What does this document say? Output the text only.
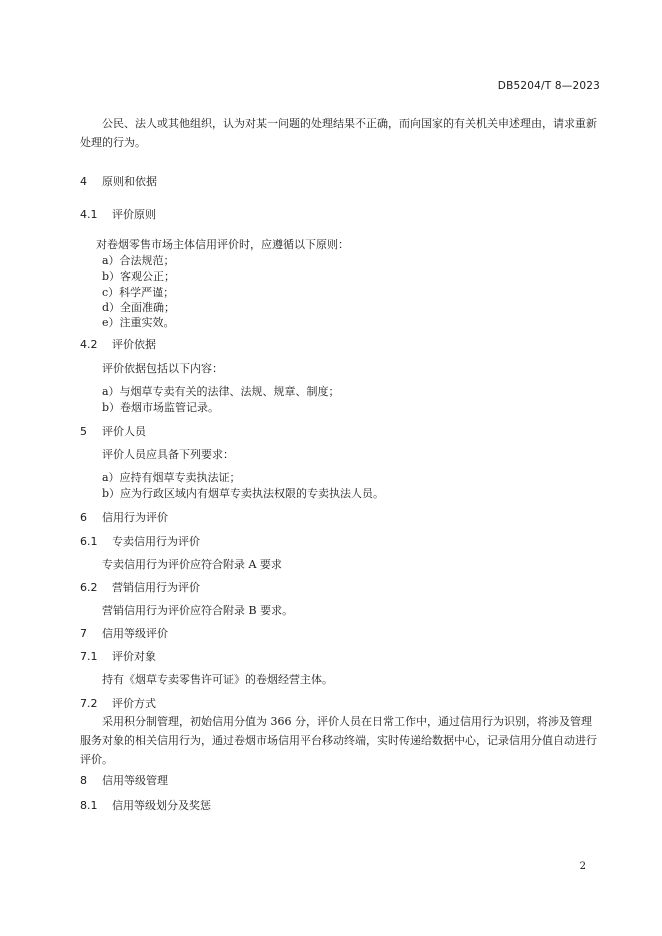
DB5204/T 8—2023

公民、法人或其他组织，认为对某一问题的处理结果不正确，而向国家的有关机关申述理由，请求重新处理的行为。

4 原则和依据
4.1 评价原则
对卷烟零售市场主体信用评价时，应遵循以下原则：
a）合法规范；
b）客观公正；
c）科学严谨；
d）全面准确；
e）注重实效。
4.2 评价依据
评价依据包括以下内容：
a）与烟草专卖有关的法律、法规、规章、制度；
b）卷烟市场监管记录。
5 评价人员
评价人员应具备下列要求：
a）应持有烟草专卖执法证；
b）应为行政区域内有烟草专卖执法权限的专卖执法人员。
6 信用行为评价
6.1 专卖信用行为评价
专卖信用行为评价应符合附录 A 要求
6.2 营销信用行为评价
营销信用行为评价应符合附录 B 要求。
7 信用等级评价
7.1 评价对象
持有《烟草专卖零售许可证》的卷烟经营主体。
7.2 评价方式

采用积分制管理，初始信用分值为 366 分，评价人员在日常工作中，通过信用行为识别，将涉及管理服务对象的相关信用行为，通过卷烟市场信用平台移动终端，实时传递给数据中心，记录信用分值自动进行评价。

8 信用等级管理
8.1 信用等级划分及奖惩
2
